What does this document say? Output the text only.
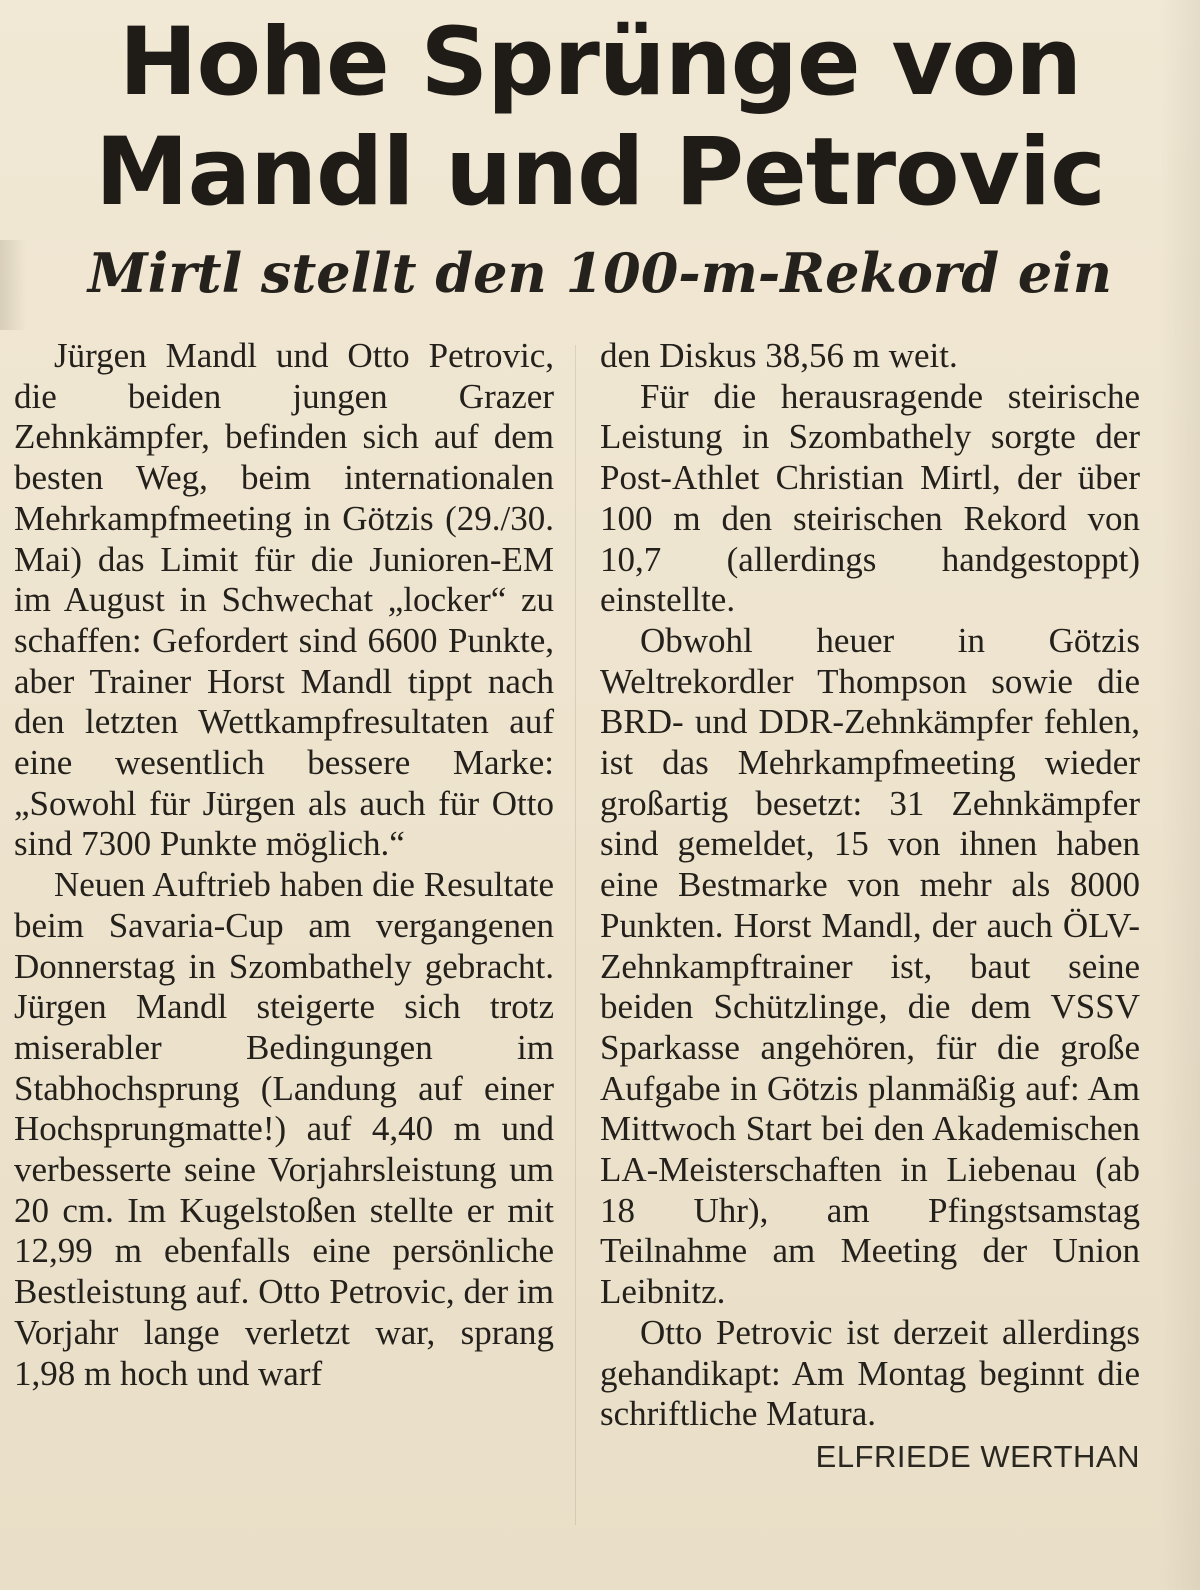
Hohe Sprünge von
Mandl und Petrovic
Mirtl stellt den 100-m-Rekord ein

Jürgen Mandl und Otto Petrovic, die beiden jungen Grazer Zehnkämpfer, befinden sich auf dem besten Weg, beim internationalen Mehrkampfmeeting in Götzis (29./30. Mai) das Limit für die Junioren-EM im August in Schwechat „locker“ zu schaffen: Gefordert sind 6600 Punkte, aber Trainer Horst Mandl tippt nach den letzten Wettkampfresultaten auf eine wesentlich bessere Marke: „Sowohl für Jürgen als auch für Otto sind 7300 Punkte möglich.“

Neuen Auftrieb haben die Resultate beim Savaria-Cup am vergangenen Donnerstag in Szombathely gebracht. Jürgen Mandl steigerte sich trotz miserabler Bedingungen im Stabhochsprung (Landung auf einer Hochsprungmatte!) auf 4,40 m und verbesserte seine Vorjahrsleistung um 20 cm. Im Kugelstoßen stellte er mit 12,99 m ebenfalls eine persönliche Bestleistung auf. Otto Petrovic, der im Vorjahr lange verletzt war, sprang 1,98 m hoch und warf

den Diskus 38,56 m weit.

Für die herausragende steirische Leistung in Szombathely sorgte der Post-Athlet Christian Mirtl, der über 100 m den steirischen Rekord von 10,7 (allerdings handgestoppt) einstellte.

Obwohl heuer in Götzis Weltrekordler Thompson sowie die BRD- und DDR-Zehnkämpfer fehlen, ist das Mehrkampfmeeting wieder großartig besetzt: 31 Zehnkämpfer sind gemeldet, 15 von ihnen haben eine Bestmarke von mehr als 8000 Punkten. Horst Mandl, der auch ÖLV-Zehnkampftrainer ist, baut seine beiden Schützlinge, die dem VSSV Sparkasse angehören, für die große Aufgabe in Götzis planmäßig auf: Am Mittwoch Start bei den Akademischen LA-Meisterschaften in Liebenau (ab 18 Uhr), am Pfingstsamstag Teilnahme am Meeting der Union Leibnitz.

Otto Petrovic ist derzeit allerdings gehandikapt: Am Montag beginnt die schriftliche Matura.

ELFRIEDE WERTHAN
